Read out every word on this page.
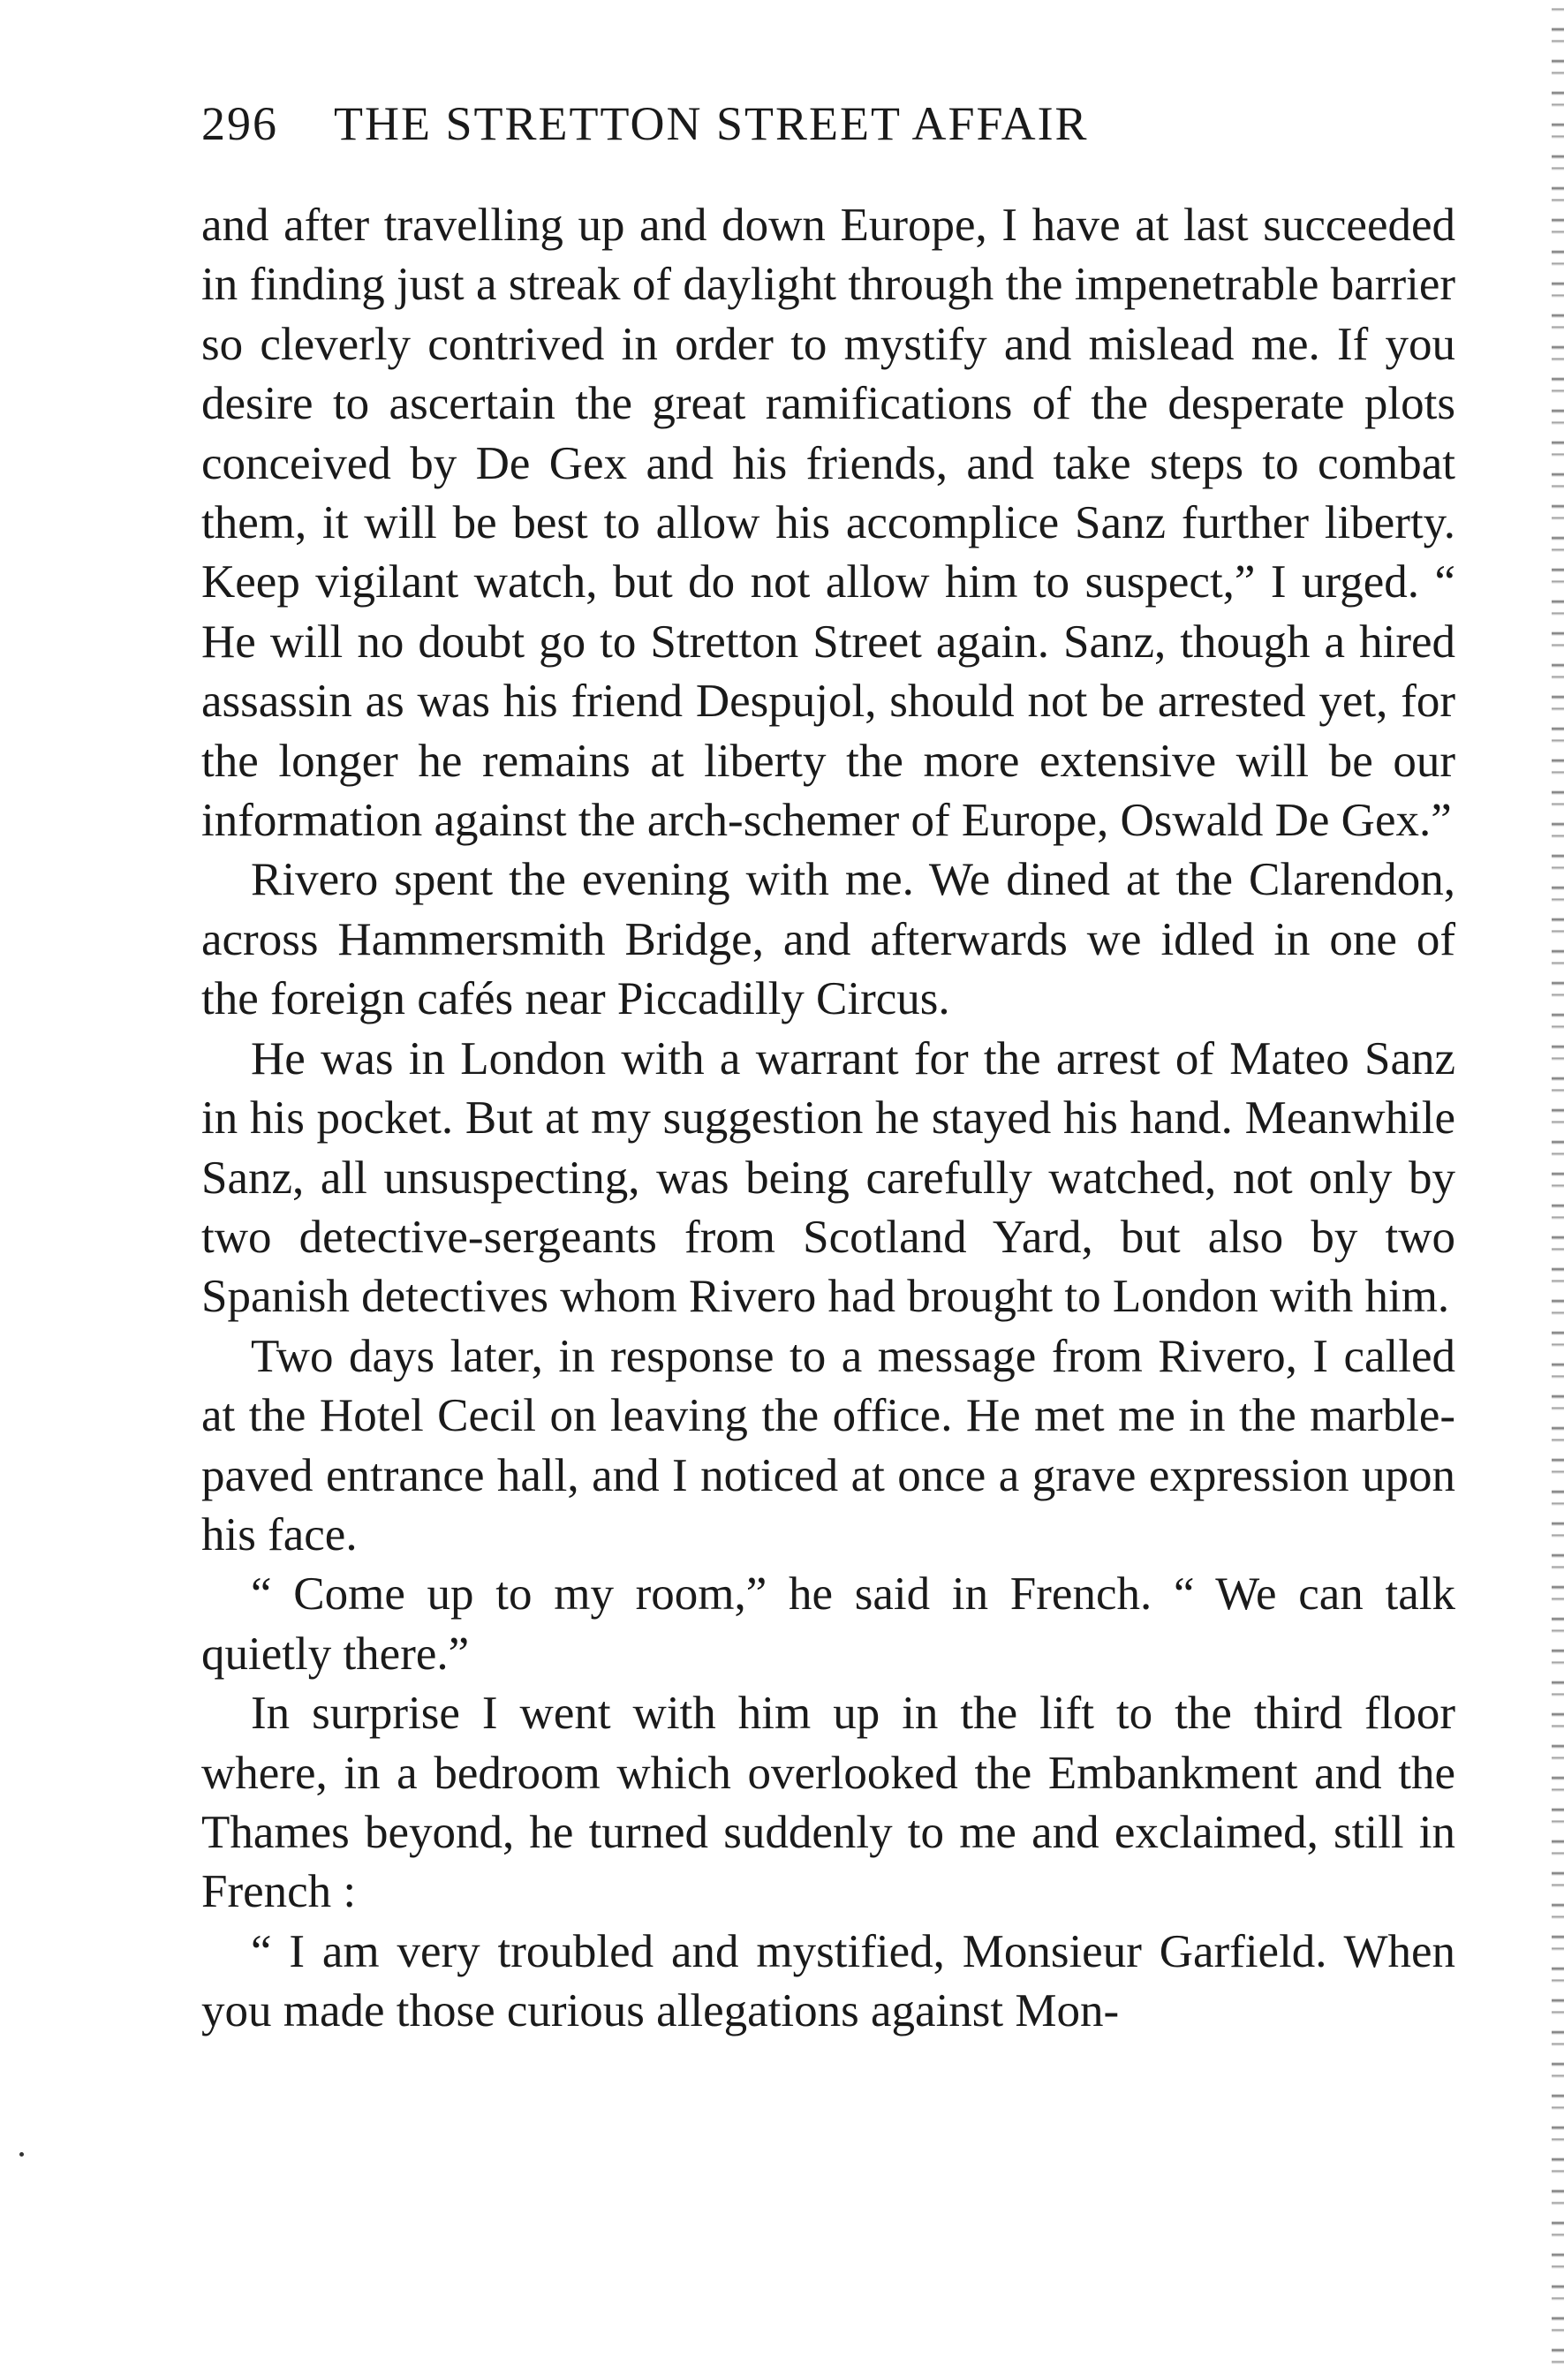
296 THE STRETTON STREET AFFAIR

and after travelling up and down Europe, I have at last succeeded in finding just a streak of daylight through the impenetrable barrier so cleverly contrived in order to mystify and mislead me. If you desire to ascertain the great ramifications of the desperate plots conceived by De Gex and his friends, and take steps to combat them, it will be best to allow his accomplice Sanz further liberty. Keep vigilant watch, but do not allow him to suspect,” I urged. “ He will no doubt go to Stretton Street again. Sanz, though a hired assassin as was his friend Despujol, should not be arrested yet, for the longer he remains at liberty the more extensive will be our information against the arch-schemer of Europe, Oswald De Gex.”

Rivero spent the evening with me. We dined at the Clarendon, across Hammersmith Bridge, and afterwards we idled in one of the foreign cafés near Piccadilly Circus.

He was in London with a warrant for the arrest of Mateo Sanz in his pocket. But at my suggestion he stayed his hand. Meanwhile Sanz, all unsuspecting, was being carefully watched, not only by two detective-sergeants from Scotland Yard, but also by two Spanish detectives whom Rivero had brought to London with him.

Two days later, in response to a message from Rivero, I called at the Hotel Cecil on leaving the office. He met me in the marble-paved entrance hall, and I noticed at once a grave expression upon his face.

“ Come up to my room,” he said in French. “ We can talk quietly there.”

In surprise I went with him up in the lift to the third floor where, in a bedroom which overlooked the Embankment and the Thames beyond, he turned suddenly to me and exclaimed, still in French :

“ I am very troubled and mystified, Monsieur Garfield. When you made those curious allegations against Mon-
